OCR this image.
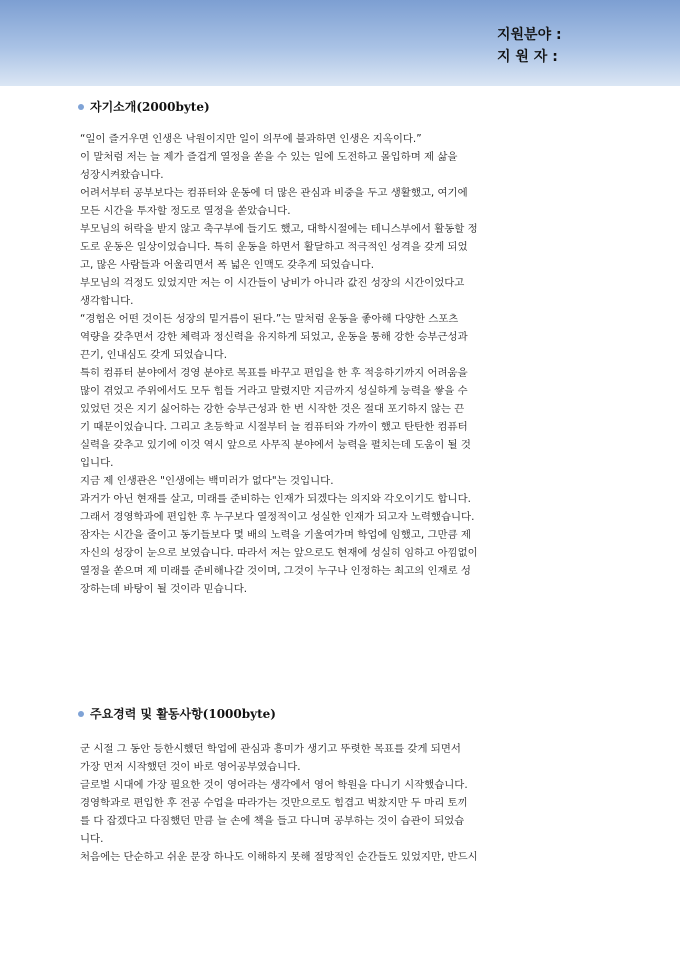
지원분야 :
지 원 자 :
자기소개(2000byte)
“일이 즐거우면 인생은 낙원이지만 일이 의무에 불과하면 인생은 지옥이다.”
이 말처럼 저는 늘 제가 즐겁게 열정을 쏟을 수 있는 일에 도전하고 몰입하며 제 삶을
성장시켜왔습니다.
어려서부터 공부보다는 컴퓨터와 운동에 더 많은 관심과 비중을 두고 생활했고, 여기에
모든 시간을 투자할 정도로 열정을 쏟았습니다.
부모님의 허락을 받지 않고 축구부에 들기도 했고, 대학시절에는 테니스부에서 활동할 정
도로 운동은 일상이었습니다. 특히 운동을 하면서 활달하고 적극적인 성격을 갖게 되었
고, 많은 사람들과 어울리면서 폭 넓은 인맥도 갖추게 되었습니다.
부모님의 걱정도 있었지만 저는 이 시간들이 낭비가 아니라 값진 성장의 시간이었다고
생각합니다.
“경험은 어떤 것이든 성장의 밑거름이 된다.”는 말처럼 운동을 좋아해 다양한 스포츠
역량을 갖추면서 강한 체력과 정신력을 유지하게 되었고, 운동을 통해 강한 승부근성과
끈기, 인내심도 갖게 되었습니다.
특히 컴퓨터 분야에서 경영 분야로 목표를 바꾸고 편입을 한 후 적응하기까지 어려움을
많이 겪었고 주위에서도 모두 힘들 거라고 말렸지만 지금까지 성실하게 능력을 쌓을 수
있었던 것은 지기 싫어하는 강한 승부근성과 한 번 시작한 것은 절대 포기하지 않는 끈
기 때문이었습니다. 그리고 초등학교 시절부터 늘 컴퓨터와 가까이 했고 탄탄한 컴퓨터
실력을 갖추고 있기에 이것 역시 앞으로 사무직 분야에서 능력을 펼치는데 도움이 될 것
입니다.
지금 제 인생관은 "인생에는 백미러가 없다"는 것입니다.
과거가 아닌 현재를 살고, 미래를 준비하는 인재가 되겠다는 의지와 각오이기도 합니다.
그래서 경영학과에 편입한 후 누구보다 열정적이고 성실한 인재가 되고자 노력했습니다.
잠자는 시간을 줄이고 동기들보다 몇 배의 노력을 기울여가며 학업에 임했고, 그만큼 제
자신의 성장이 눈으로 보였습니다. 따라서 저는 앞으로도 현재에 성실히 임하고 아낌없이
열정을 쏟으며 제 미래를 준비해나갈 것이며, 그것이 누구나 인정하는 최고의 인재로 성
장하는데 바탕이 될 것이라 믿습니다.
주요경력 및 활동사항(1000byte)
군 시절 그 동안 등한시했던 학업에 관심과 흥미가 생기고 뚜렷한 목표를 갖게 되면서
가장 먼저 시작했던 것이 바로 영어공부였습니다.
글로벌 시대에 가장 필요한 것이 영어라는 생각에서 영어 학원을 다니기 시작했습니다.
경영학과로 편입한 후 전공 수업을 따라가는 것만으로도 힘겹고 벅찼지만 두 마리 토끼
를 다 잡겠다고 다짐했던 만큼 늘 손에 책을 들고 다니며 공부하는 것이 습관이 되었습
니다.
처음에는 단순하고 쉬운 문장 하나도 이해하지 못해 절망적인 순간들도 있었지만, 반드시
